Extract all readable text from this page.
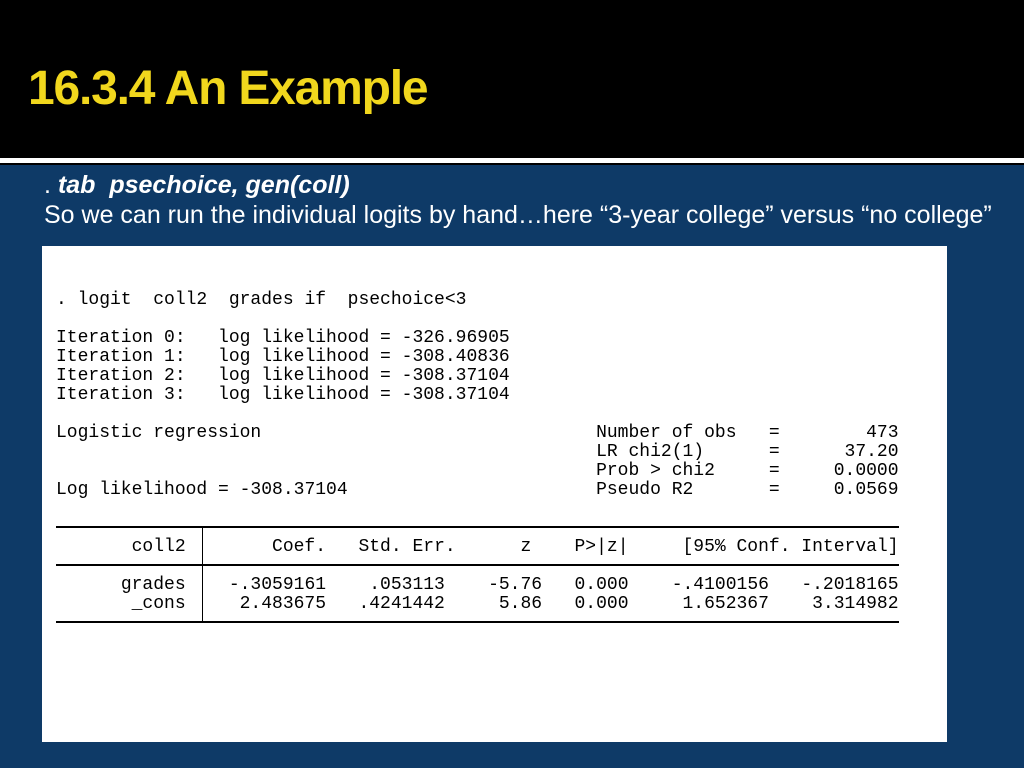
16.3.4 An Example
. tab  psechoice, gen(coll)
So we can run the individual logits by hand…here “3-year college” versus “no college”
. logit  coll2  grades if  psechoice<3
Iteration 0:   log likelihood = -326.96905
Iteration 1:   log likelihood = -308.40836
Iteration 2:   log likelihood = -308.37104
Iteration 3:   log likelihood = -308.37104
Logistic regression	Number of obs =	473
LR chi2(1)	=	37.20
Prob > chi2	=	0.0000
Log likelihood = -308.37104	Pseudo R2	=	0.0569
coll2	Coef. Std. Err.	z P>|z|	[95% Conf. Interval]
grades -.3059161 .053113 -5.76 0.000 -.4100156 -.2018165
_cons	2.483675 .4241442	5.86 0.000	1.652367 3.314982
